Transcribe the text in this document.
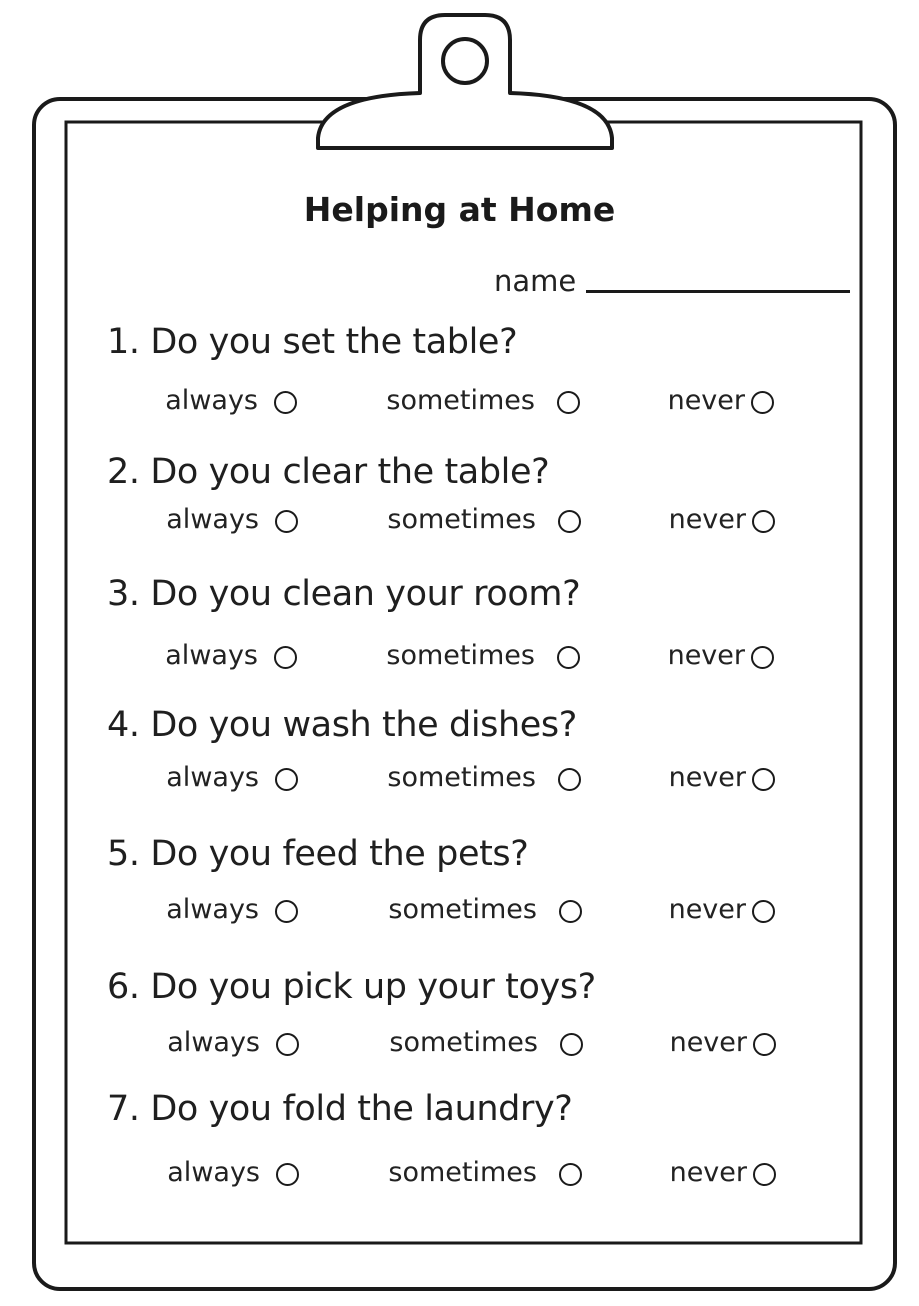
Helping at Home
name
1. Do you set the table?
always	sometimes	never
2. Do you clear the table?
always	sometimes	never
3. Do you clean your room?
always	sometimes	never
4. Do you wash the dishes?
always	sometimes	never
5. Do you feed the pets?
always	sometimes	never
6. Do you pick up your toys?
always	sometimes	never
7. Do you fold the laundry?
always	sometimes	never
